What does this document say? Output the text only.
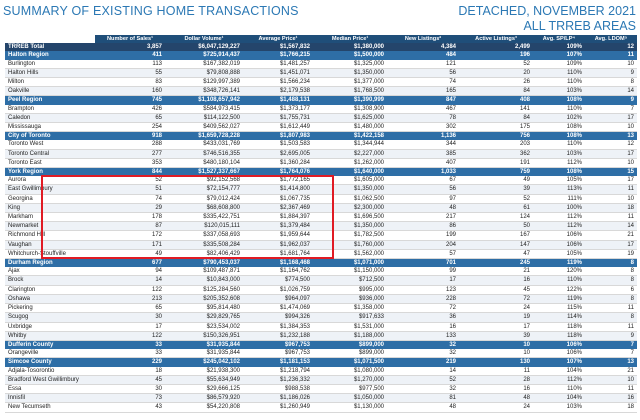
SUMMARY OF EXISTING HOME TRANSACTIONS	DETACHED, NOVEMBER 2021
ALL TRREB AREAS
	Number of Sales¹	Dollar Volume¹	Average Price¹	Median Price¹	New Listings²	Active Listings³	Avg. SP/LP⁴	Avg. LDOM⁵
TRREB Total	3,857	$6,047,129,227	$1,567,832	$1,380,000	4,384	2,499	109%	12
Halton Region	411	$725,914,437	$1,766,215	$1,500,000	484	196	107%	11
Burlington	113	$167,382,019	$1,481,257	$1,325,000	121	52	109%	10
Halton Hills	55	$79,808,888	$1,451,071	$1,350,000	56	20	110%	9
Milton	83	$129,997,389	$1,566,234	$1,377,000	74	26	110%	8
Oakville	160	$348,726,141	$2,179,538	$1,768,500	165	84	103%	14
Peel Region	745	$1,108,657,942	$1,488,131	$1,390,999	847	408	108%	9
Brampton	426	$584,973,415	$1,373,177	$1,308,900	467	141	110%	7
Caledon	65	$114,122,500	$1,755,731	$1,625,000	78	84	102%	17
Mississauga	254	$409,562,027	$1,612,449	$1,480,000	302	175	108%	10
City of Toronto	918	$1,659,728,228	$1,807,983	$1,422,158	1,136	756	108%	13
Toronto West	288	$433,031,769	$1,503,583	$1,344,944	344	203	110%	12
Toronto Central	277	$746,516,355	$2,695,005	$2,227,000	385	362	103%	17
Toronto East	353	$480,180,104	$1,360,284	$1,262,000	407	191	112%	10
York Region	844	$1,527,337,667	$1,764,076	$1,640,000	1,033	759	108%	15
Aurora	52	$92,152,568	$1,772,165	$1,605,000	67	49	105%	17
East Gwillimbury	51	$72,154,777	$1,414,800	$1,350,000	56	39	113%	11
Georgina	74	$79,012,424	$1,067,735	$1,062,500	97	52	111%	10
King	29	$68,608,800	$2,367,469	$2,300,000	48	61	100%	18
Markham	178	$335,422,751	$1,884,397	$1,696,500	217	124	112%	11
Newmarket	87	$120,015,111	$1,379,484	$1,350,000	86	50	112%	14
Richmond Hill	172	$337,058,693	$1,959,644	$1,782,500	199	167	106%	21
Vaughan	171	$335,508,284	$1,962,037	$1,760,000	204	147	106%	17
Whitchurch-Stouffville	49	$82,406,429	$1,681,764	$1,562,000	57	47	105%	19
Durham Region	677	$790,453,037	$1,168,468	$1,071,000	701	245	119%	8
Ajax	94	$109,487,871	$1,164,762	$1,150,000	99	21	120%	8
Brock	14	$10,843,000	$774,500	$712,500	17	16	110%	8
Clarington	122	$125,284,560	$1,026,759	$995,000	123	45	122%	6
Oshawa	213	$205,352,608	$964,097	$936,000	228	72	119%	8
Pickering	65	$95,814,480	$1,474,069	$1,358,000	72	24	115%	11
Scugog	30	$29,829,765	$994,326	$917,633	36	19	114%	8
Uxbridge	17	$23,534,002	$1,384,353	$1,531,000	16	17	118%	11
Whitby	122	$150,326,951	$1,232,188	$1,188,000	133	39	118%	9
Dufferin County	33	$31,935,844	$967,753	$899,000	32	10	106%	7
Orangeville	33	$31,935,844	$967,753	$899,000	32	10	106%	7
Simcoe County	229	$245,042,102	$1,181,153	$1,071,500	219	130	107%	13
Adjala-Tosorontio	18	$21,938,300	$1,218,794	$1,080,000	14	11	104%	21
Bradford West Gwillimbury	45	$55,634,949	$1,236,332	$1,270,000	52	28	112%	10
Essa	30	$29,666,125	$988,538	$977,500	32	16	110%	11
Innisfil	73	$86,579,920	$1,186,026	$1,050,000	81	48	104%	16
New Tecumseth	43	$54,220,808	$1,260,949	$1,130,000	48	24	103%	18
